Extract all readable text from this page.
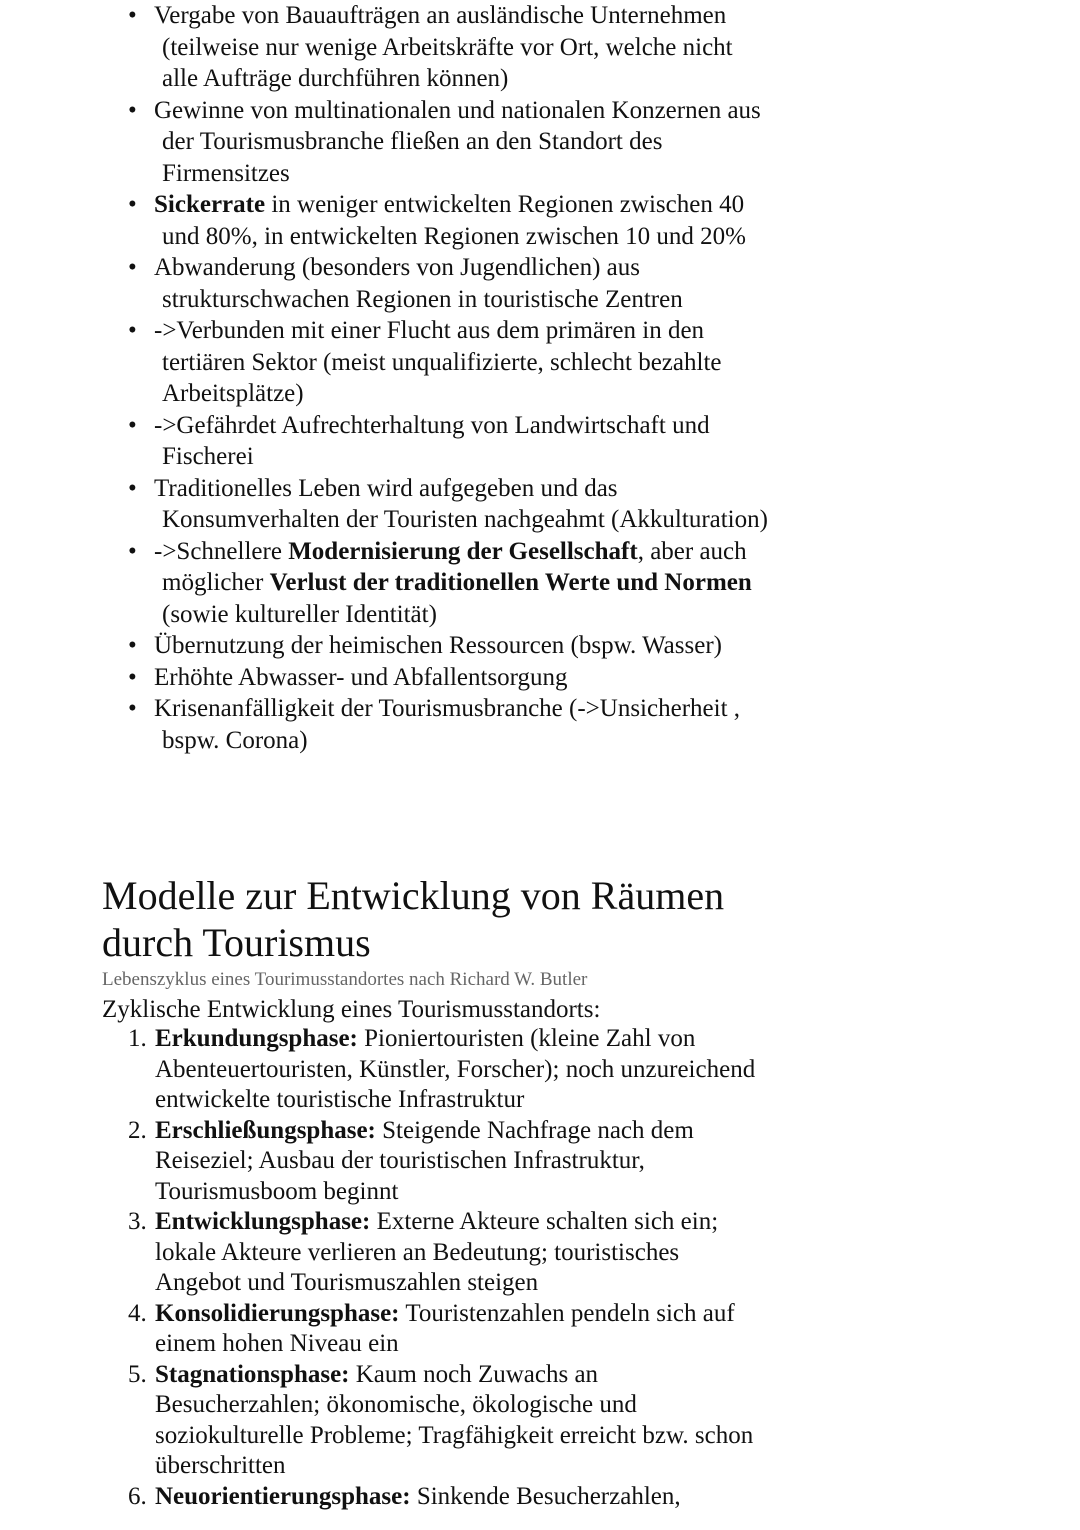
• Vergabe von Bauaufträgen an ausländische Unternehmen (teilweise nur wenige Arbeitskräfte vor Ort, welche nicht alle Aufträge durchführen können)
• Gewinne von multinationalen und nationalen Konzernen aus der Tourismusbranche fließen an den Standort des Firmensitzes
• Sickerrate in weniger entwickelten Regionen zwischen 40 und 80%, in entwickelten Regionen zwischen 10 und 20%
• Abwanderung (besonders von Jugendlichen) aus strukturschwachen Regionen in touristische Zentren
• ->Verbunden mit einer Flucht aus dem primären in den tertiären Sektor (meist unqualifizierte, schlecht bezahlte Arbeitsplätze)
• ->Gefährdet Aufrechterhaltung von Landwirtschaft und Fischerei
• Traditionelles Leben wird aufgegeben und das Konsumverhalten der Touristen nachgeahmt (Akkulturation)
• ->Schnellere Modernisierung der Gesellschaft, aber auch möglicher Verlust der traditionellen Werte und Normen (sowie kultureller Identität)
• Übernutzung der heimischen Ressourcen (bspw. Wasser)
• Erhöhte Abwasser- und Abfallentsorgung
• Krisenanfälligkeit der Tourismusbranche (->Unsicherheit , bspw. Corona)
Modelle zur Entwicklung von Räumen durch Tourismus
Lebenszyklus eines Tourimusstandortes nach Richard W. Butler
Zyklische Entwicklung eines Tourismusstandorts:
1. Erkundungsphase: Pioniertouristen (kleine Zahl von Abenteuertouristen, Künstler, Forscher); noch unzureichend entwickelte touristische Infrastruktur
2. Erschließungsphase: Steigende Nachfrage nach dem Reiseziel; Ausbau der touristischen Infrastruktur, Tourismusboom beginnt
3. Entwicklungsphase: Externe Akteure schalten sich ein; lokale Akteure verlieren an Bedeutung; touristisches Angebot und Tourismuszahlen steigen
4. Konsolidierungsphase: Touristenzahlen pendeln sich auf einem hohen Niveau ein
5. Stagnationsphase: Kaum noch Zuwachs an Besucherzahlen; ökonomische, ökologische und soziokulturelle Probleme; Tragfähigkeit erreicht bzw. schon überschritten
6. Neuorientierungsphase: Sinkende Besucherzahlen,
